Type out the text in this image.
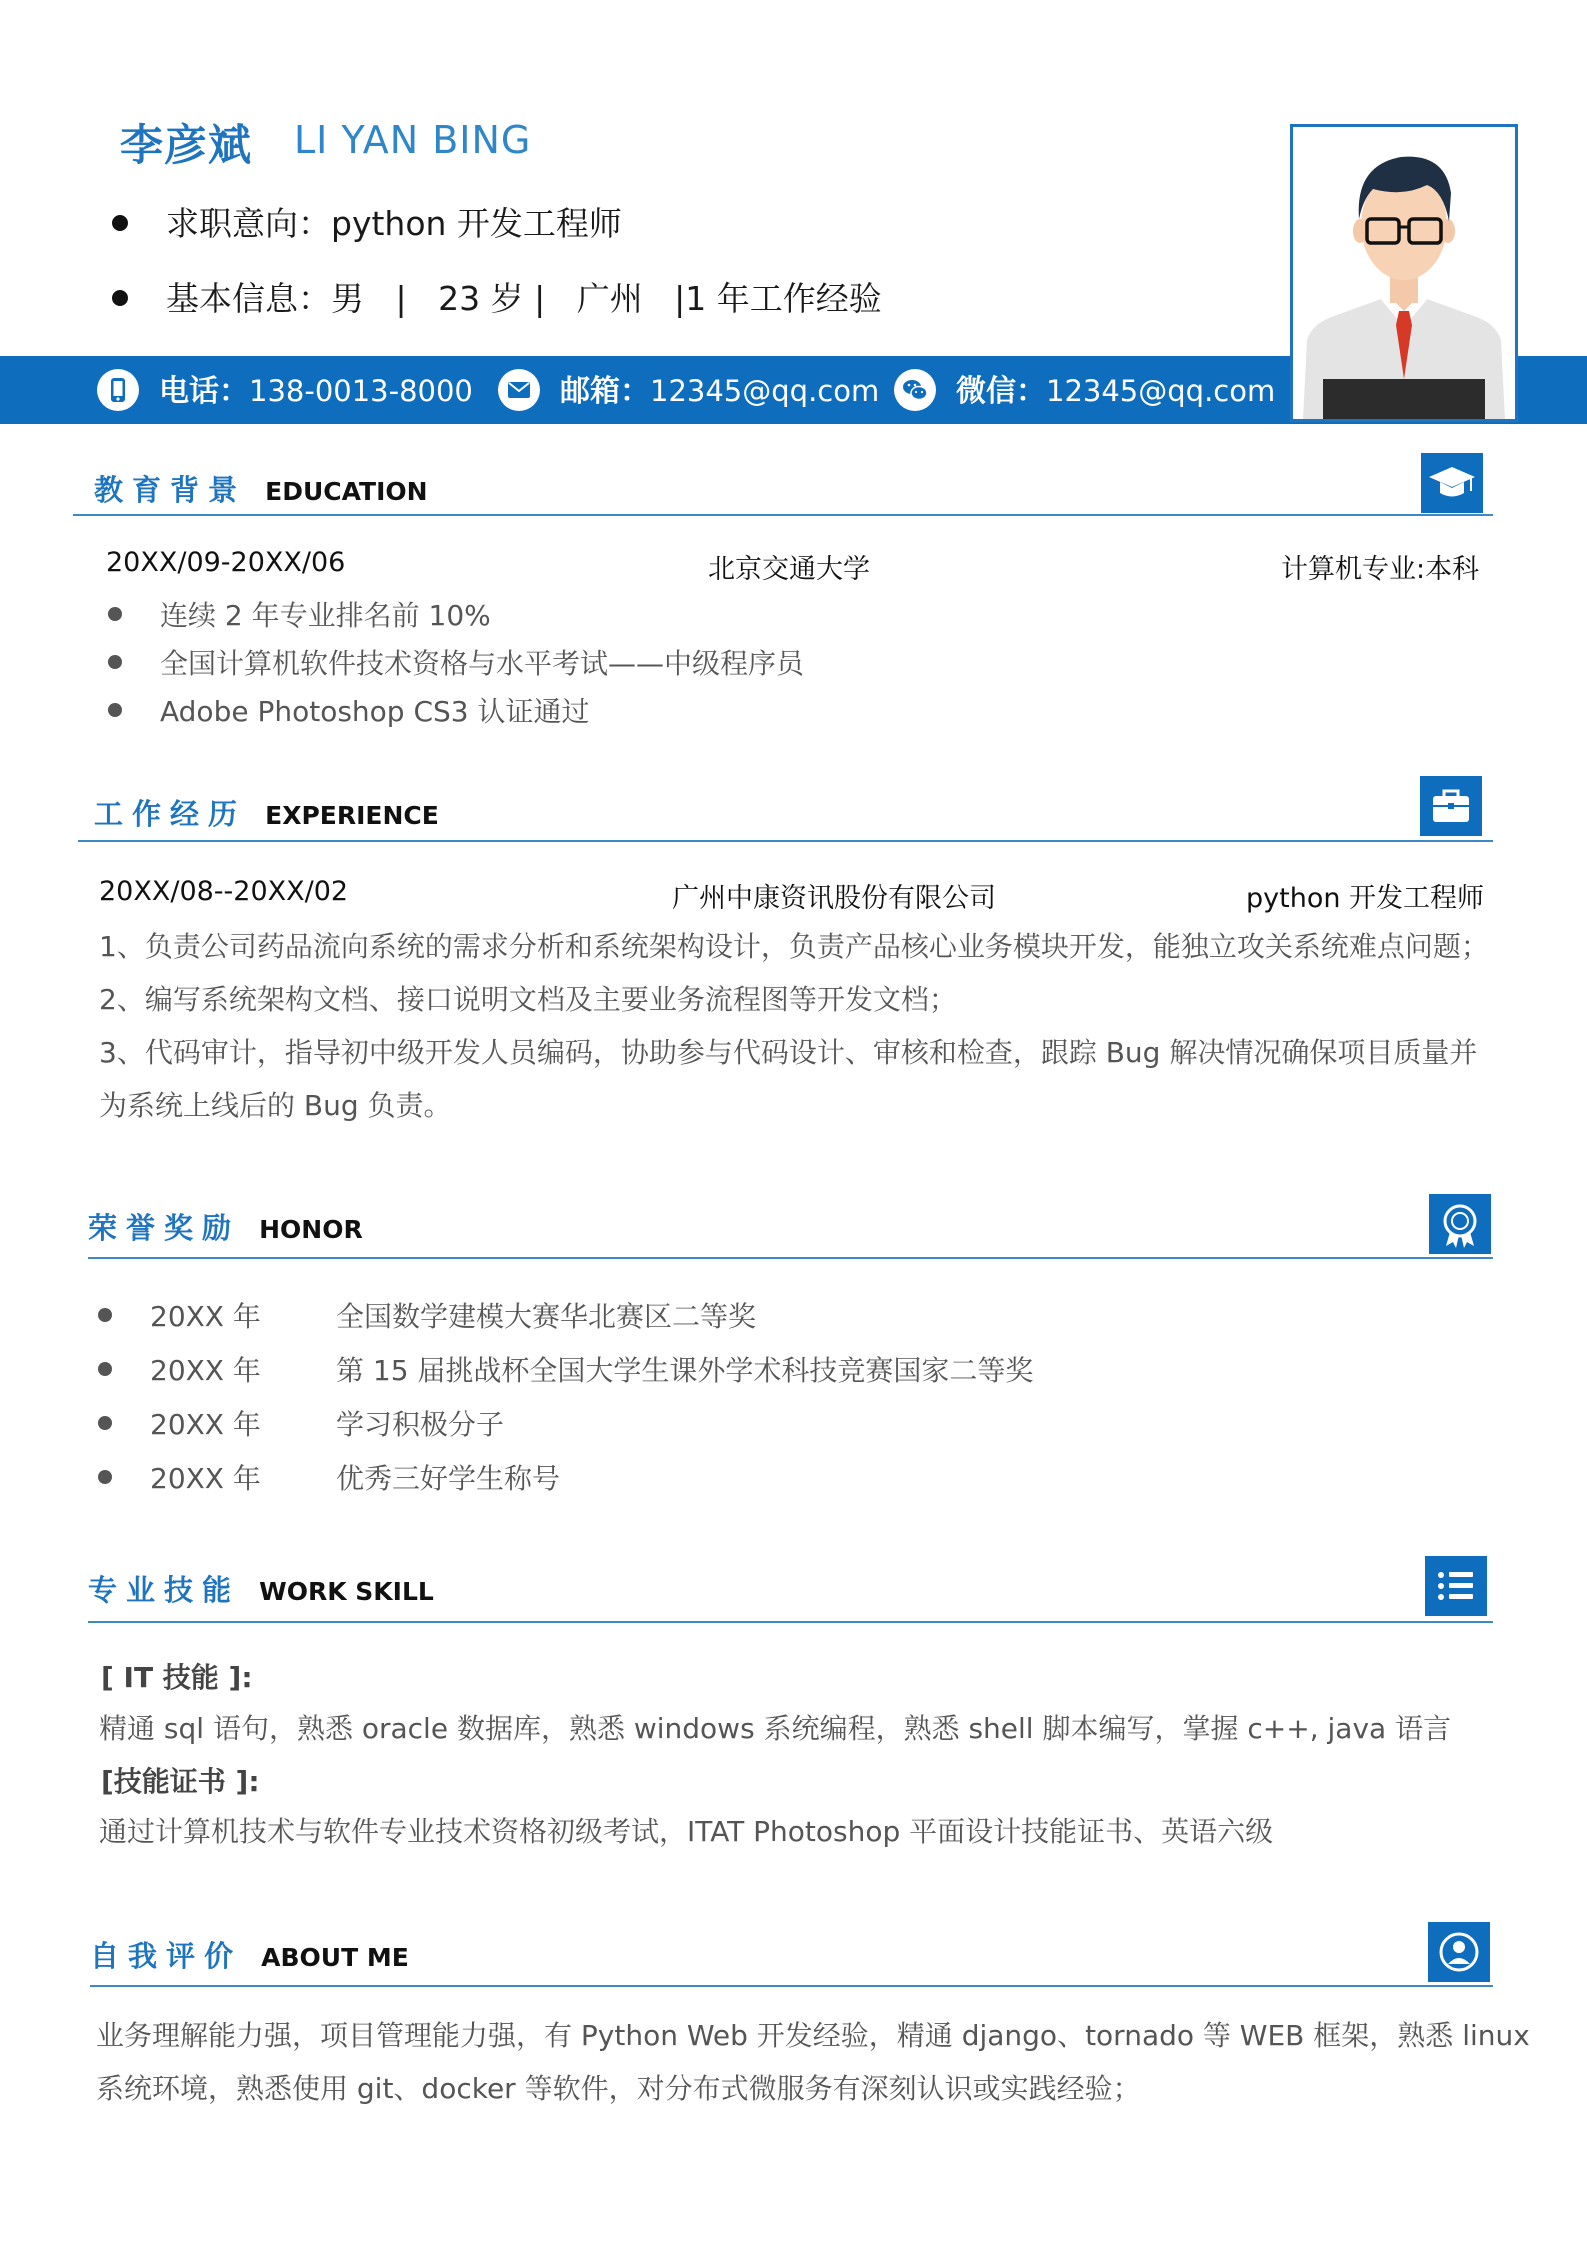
李彦斌 LI YAN BING
求职意向：python 开发工程师
基本信息：男 | 23 岁 | 广州 |1 年工作经验
电话：138-0013-8000	邮箱：12345@qq.com	微信：12345@qq.com
教育背景 EDUCATION
20XX/09-20XX/06	北京交通大学	计算机专业:本科
连续 2 年专业排名前 10%
全国计算机软件技术资格与水平考试——中级程序员
Adobe Photoshop CS3 认证通过
工作经历 EXPERIENCE
20XX/08--20XX/02	广州中康资讯股份有限公司	python 开发工程师
1、负责公司药品流向系统的需求分析和系统架构设计，负责产品核心业务模块开发，能独立攻关系统难点问题；
2、编写系统架构文档、接口说明文档及主要业务流程图等开发文档；
3、代码审计，指导初中级开发人员编码，协助参与代码设计、审核和检查，跟踪 Bug 解决情况确保项目质量并
为系统上线后的 Bug 负责。
荣誉奖励 HONOR
20XX 年	全国数学建模大赛华北赛区二等奖
20XX 年	第 15 届挑战杯全国大学生课外学术科技竞赛国家二等奖
20XX 年	学习积极分子
20XX 年	优秀三好学生称号
专业技能 WORK SKILL
[ IT 技能 ]:
精通 sql 语句，熟悉 oracle 数据库，熟悉 windows 系统编程，熟悉 shell 脚本编写，掌握 c++, java 语言
[技能证书 ]:
通过计算机技术与软件专业技术资格初级考试，ITAT Photoshop 平面设计技能证书、英语六级
自我评价 ABOUT ME
业务理解能力强，项目管理能力强，有 Python Web 开发经验，精通 django、tornado 等 WEB 框架，熟悉 linux
系统环境，熟悉使用 git、docker 等软件，对分布式微服务有深刻认识或实践经验；
